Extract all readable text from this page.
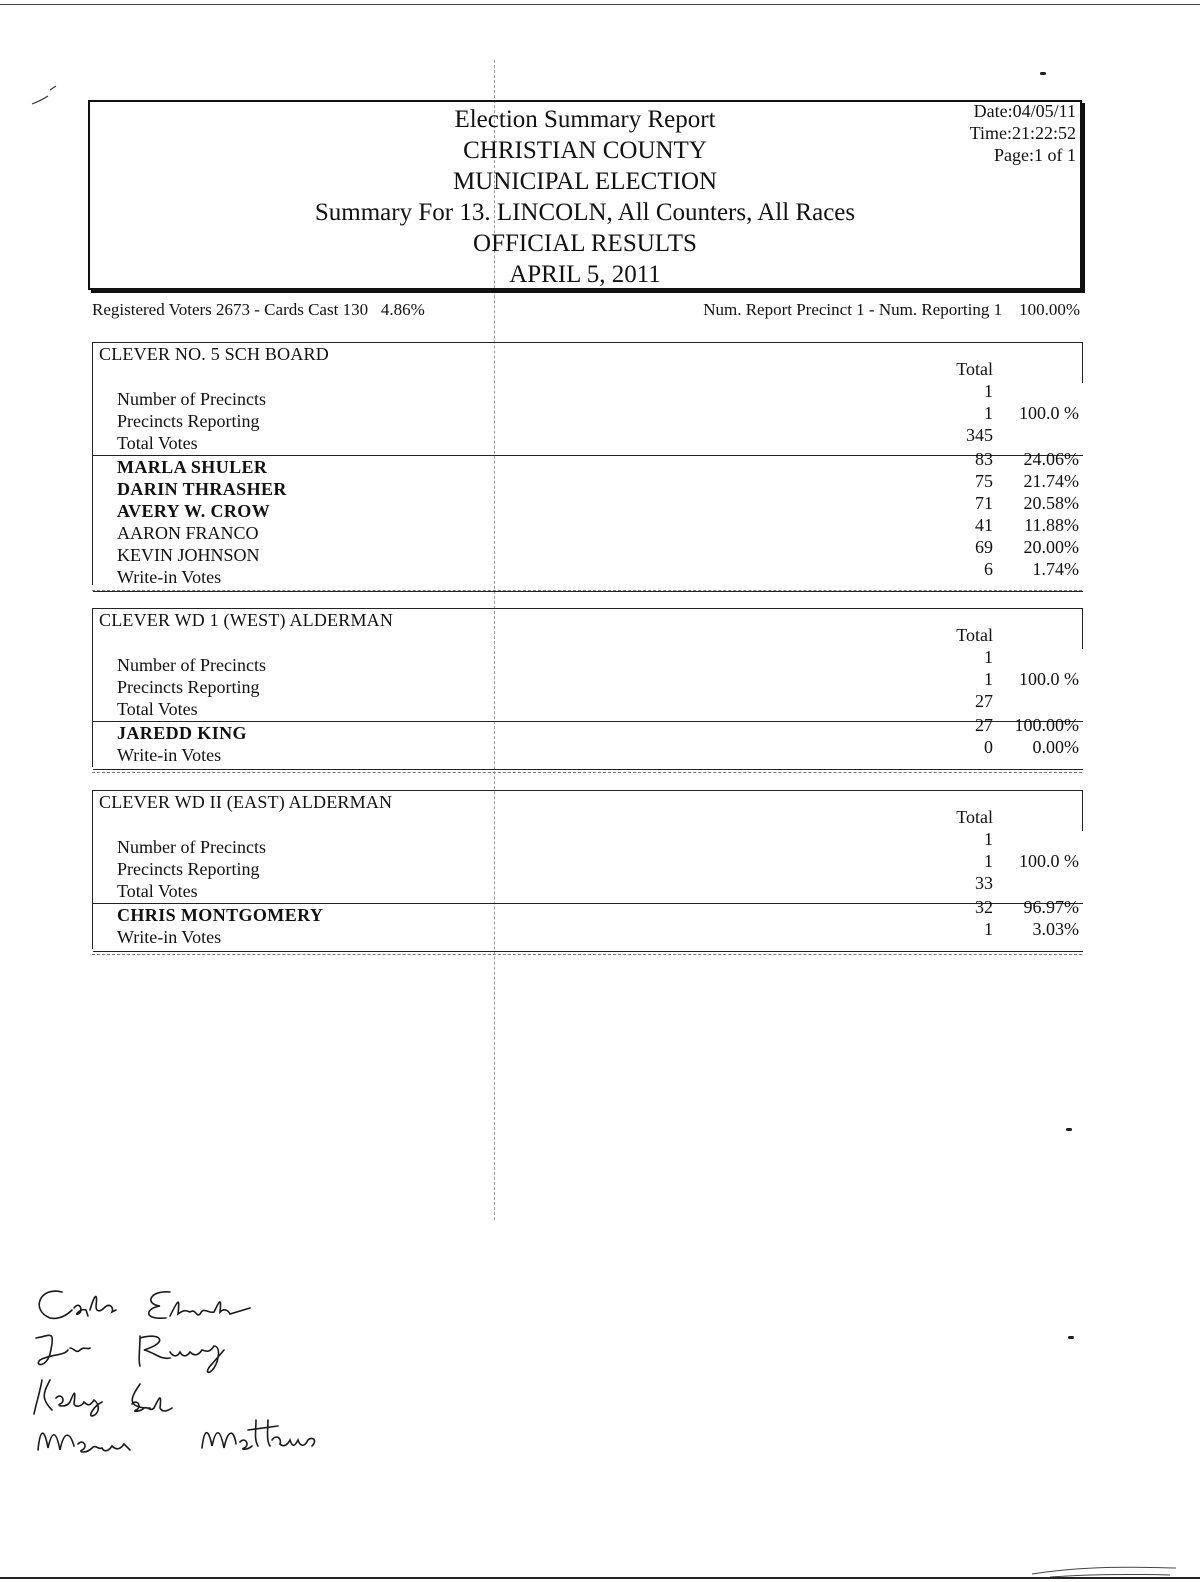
Election Summary Report
CHRISTIAN COUNTY
MUNICIPAL ELECTION
Summary For 13. LINCOLN, All Counters, All Races
OFFICIAL RESULTS
APRIL 5, 2011
Date:04/05/11
Time:21:22:52
Page:1 of 1
Registered Voters 2673 - Cards Cast 130 4.86%	Num. Report Precinct 1 - Num. Reporting 1 100.00%
CLEVER NO. 5 SCH BOARD
Total
Number of Precincts	1
Precincts Reporting	1 100.0 %
Total Votes	345
MARLA SHULER	83 24.06%
DARIN THRASHER	75 21.74%
AVERY W. CROW	71 20.58%
AARON FRANCO	41 11.88%
KEVIN JOHNSON	69 20.00%
Write-in Votes	6 1.74%
CLEVER WD 1 (WEST) ALDERMAN
Total
Number of Precincts	1
Precincts Reporting	1 100.0 %
Total Votes	27
JAREDD KING	27 100.00%
Write-in Votes	0 0.00%
CLEVER WD II (EAST) ALDERMAN
Total
Number of Precincts	1
Precincts Reporting	1 100.0 %
Total Votes	33
CHRIS MONTGOMERY	32 96.97%
Write-in Votes	1 3.03%
